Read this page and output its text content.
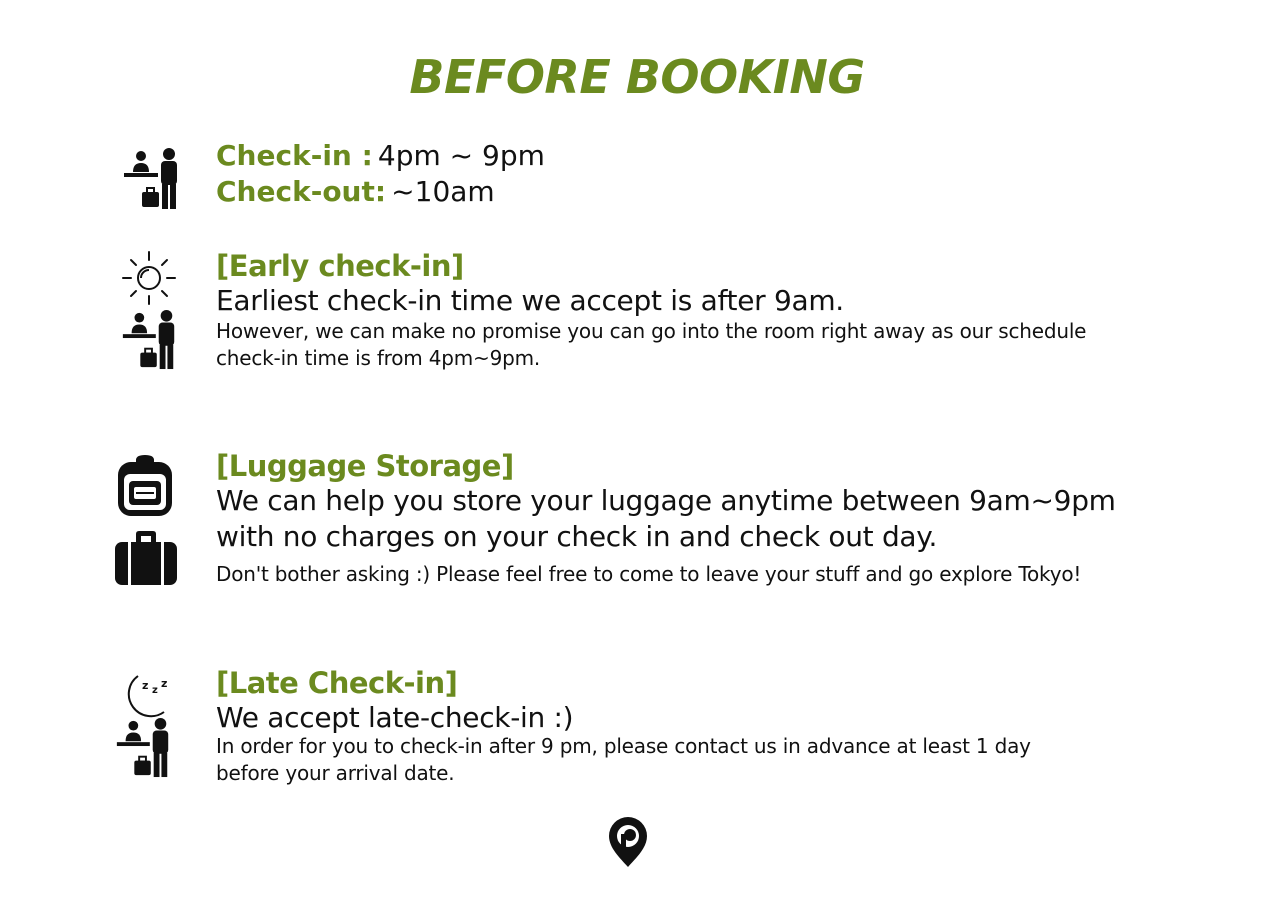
BEFORE BOOKING
Check-in : 4pm ~ 9pm
Check-out: ~10am
[Early check-in]
Earliest check-in time we accept is after 9am.
However, we can make no promise you can go into the room right away as our schedule
check-in time is from 4pm~9pm.
[Luggage Storage]
We can help you store your luggage anytime between 9am~9pm
with no charges on your check in and check out day.
Don't bother asking :) Please feel free to come to leave your stuff and go explore Tokyo!
z z
z [Late Check-in]
We accept late-check-in :)
In order for you to check-in after 9 pm, please contact us in advance at least 1 day
before your arrival date.
